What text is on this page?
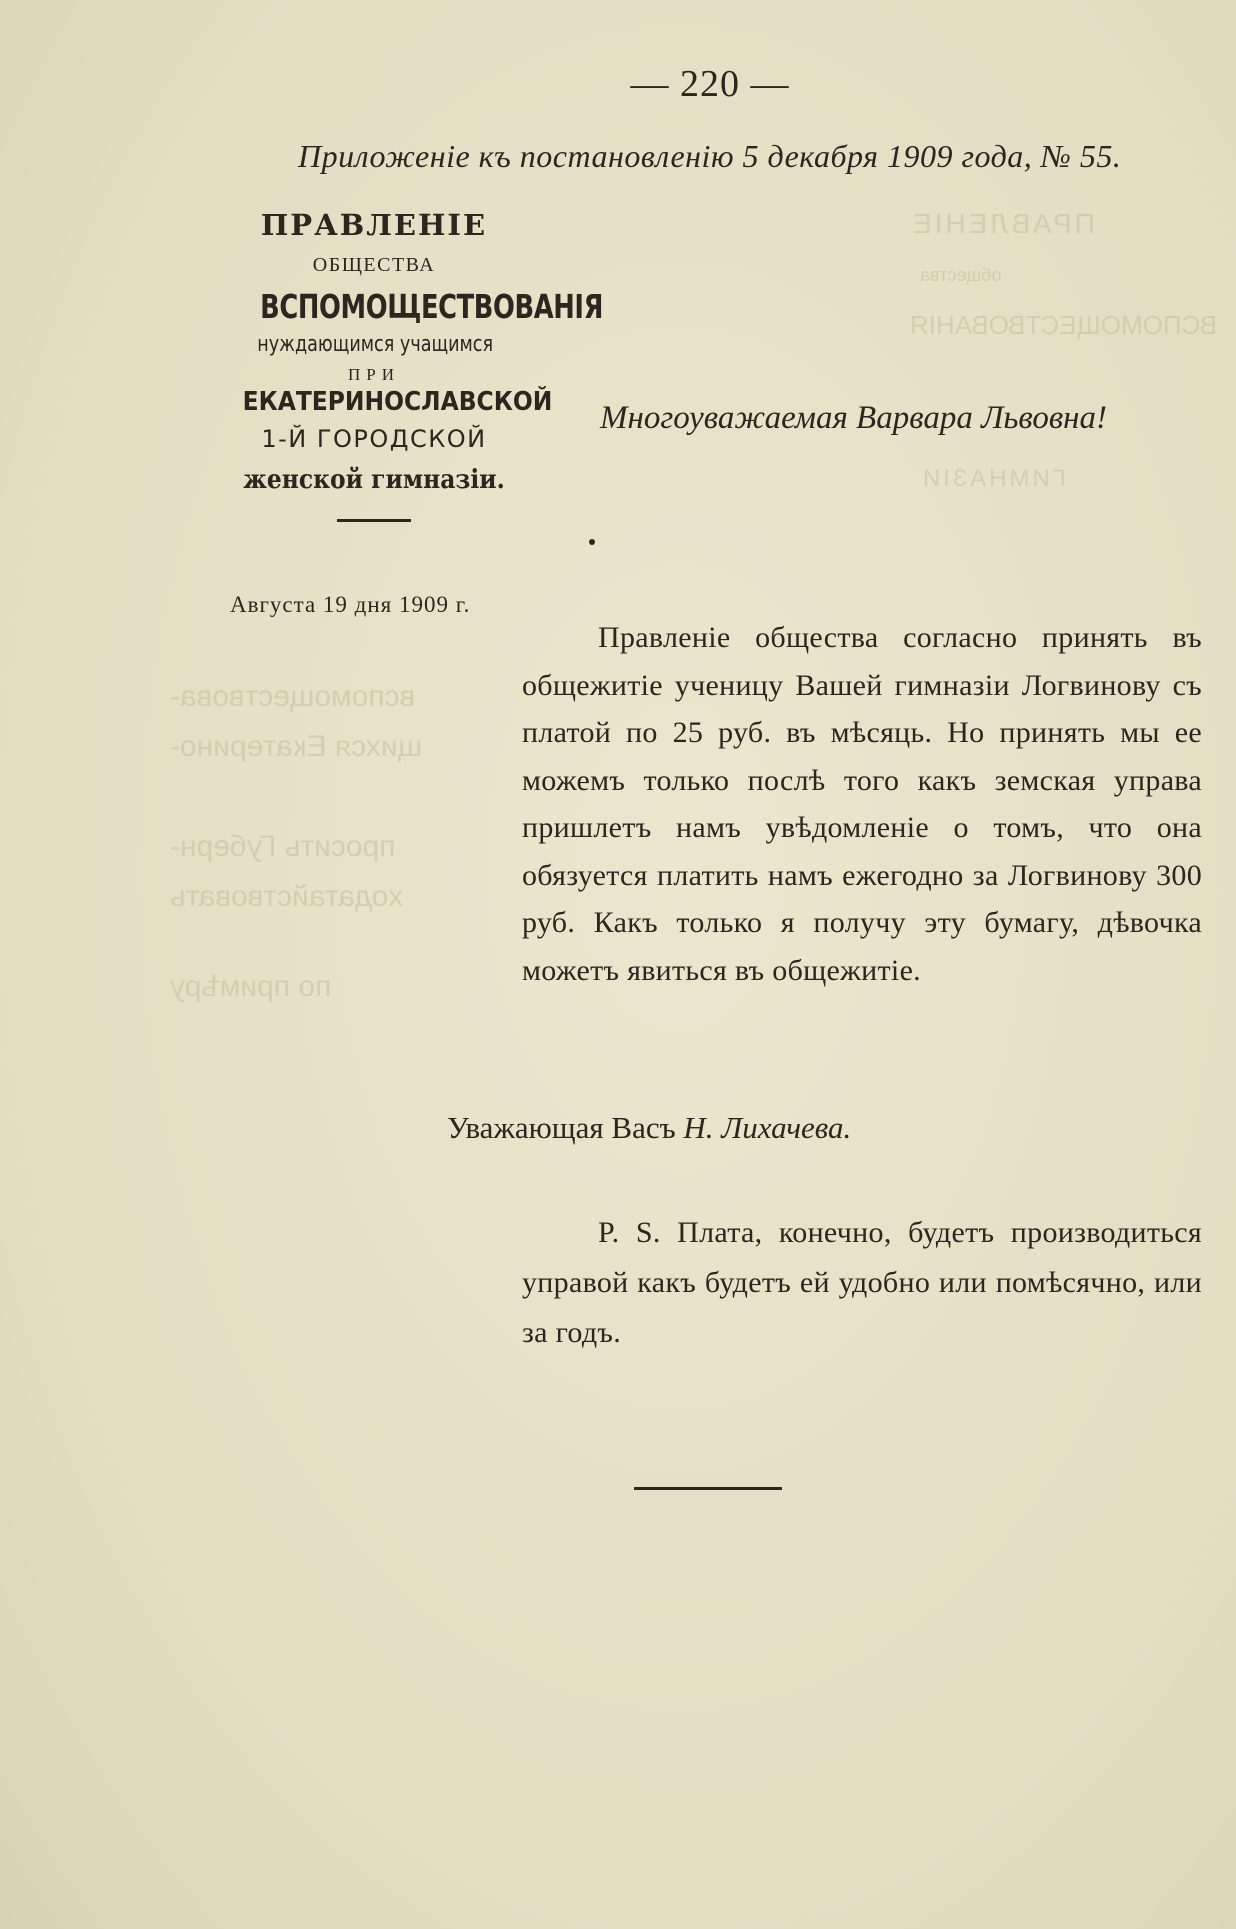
ПРАВЛЕНIЕ
общества
ВСПОМОЩЕСТВОВАНIЯ
ГИМНАЗIИ
вспомоществова-
щихся Екатерино-
просить Губерн-
ходатайствовать
по примѣру
— 220 —
Приложенiе къ постановленiю 5 декабря 1909 года, № 55.
ПРАВЛЕНIЕ
ОБЩЕСТВА
ВСПОМОЩЕСТВОВАНIЯ
нуждающимся учащимся
ПРИ
ЕКАТЕРИНОСЛАВСКОЙ
1-Й ГОРОДСКОЙ
женской гимназiи.
Августа 19 дня 1909 г.
Многоуважаемая Варвара Львовна!

Правленiе общества согласно принять въ общежитiе ученицу Вашей гимназiи Логвинову съ платой по 25 руб. въ мѣсяць. Но принять мы ее можемъ только послѣ того какъ земская управа пришлетъ намъ увѣдомленiе о томъ, что она обязуется платить намъ ежегодно за Логвинову 300 руб. Какъ только я получу эту бумагу, дѣвочка можетъ явиться въ общежитiе.

Уважающая Васъ Н. Лихачева.

P. S. Плата, конечно, будетъ производиться управой какъ будетъ ей удобно или помѣсячно, или за годъ.
